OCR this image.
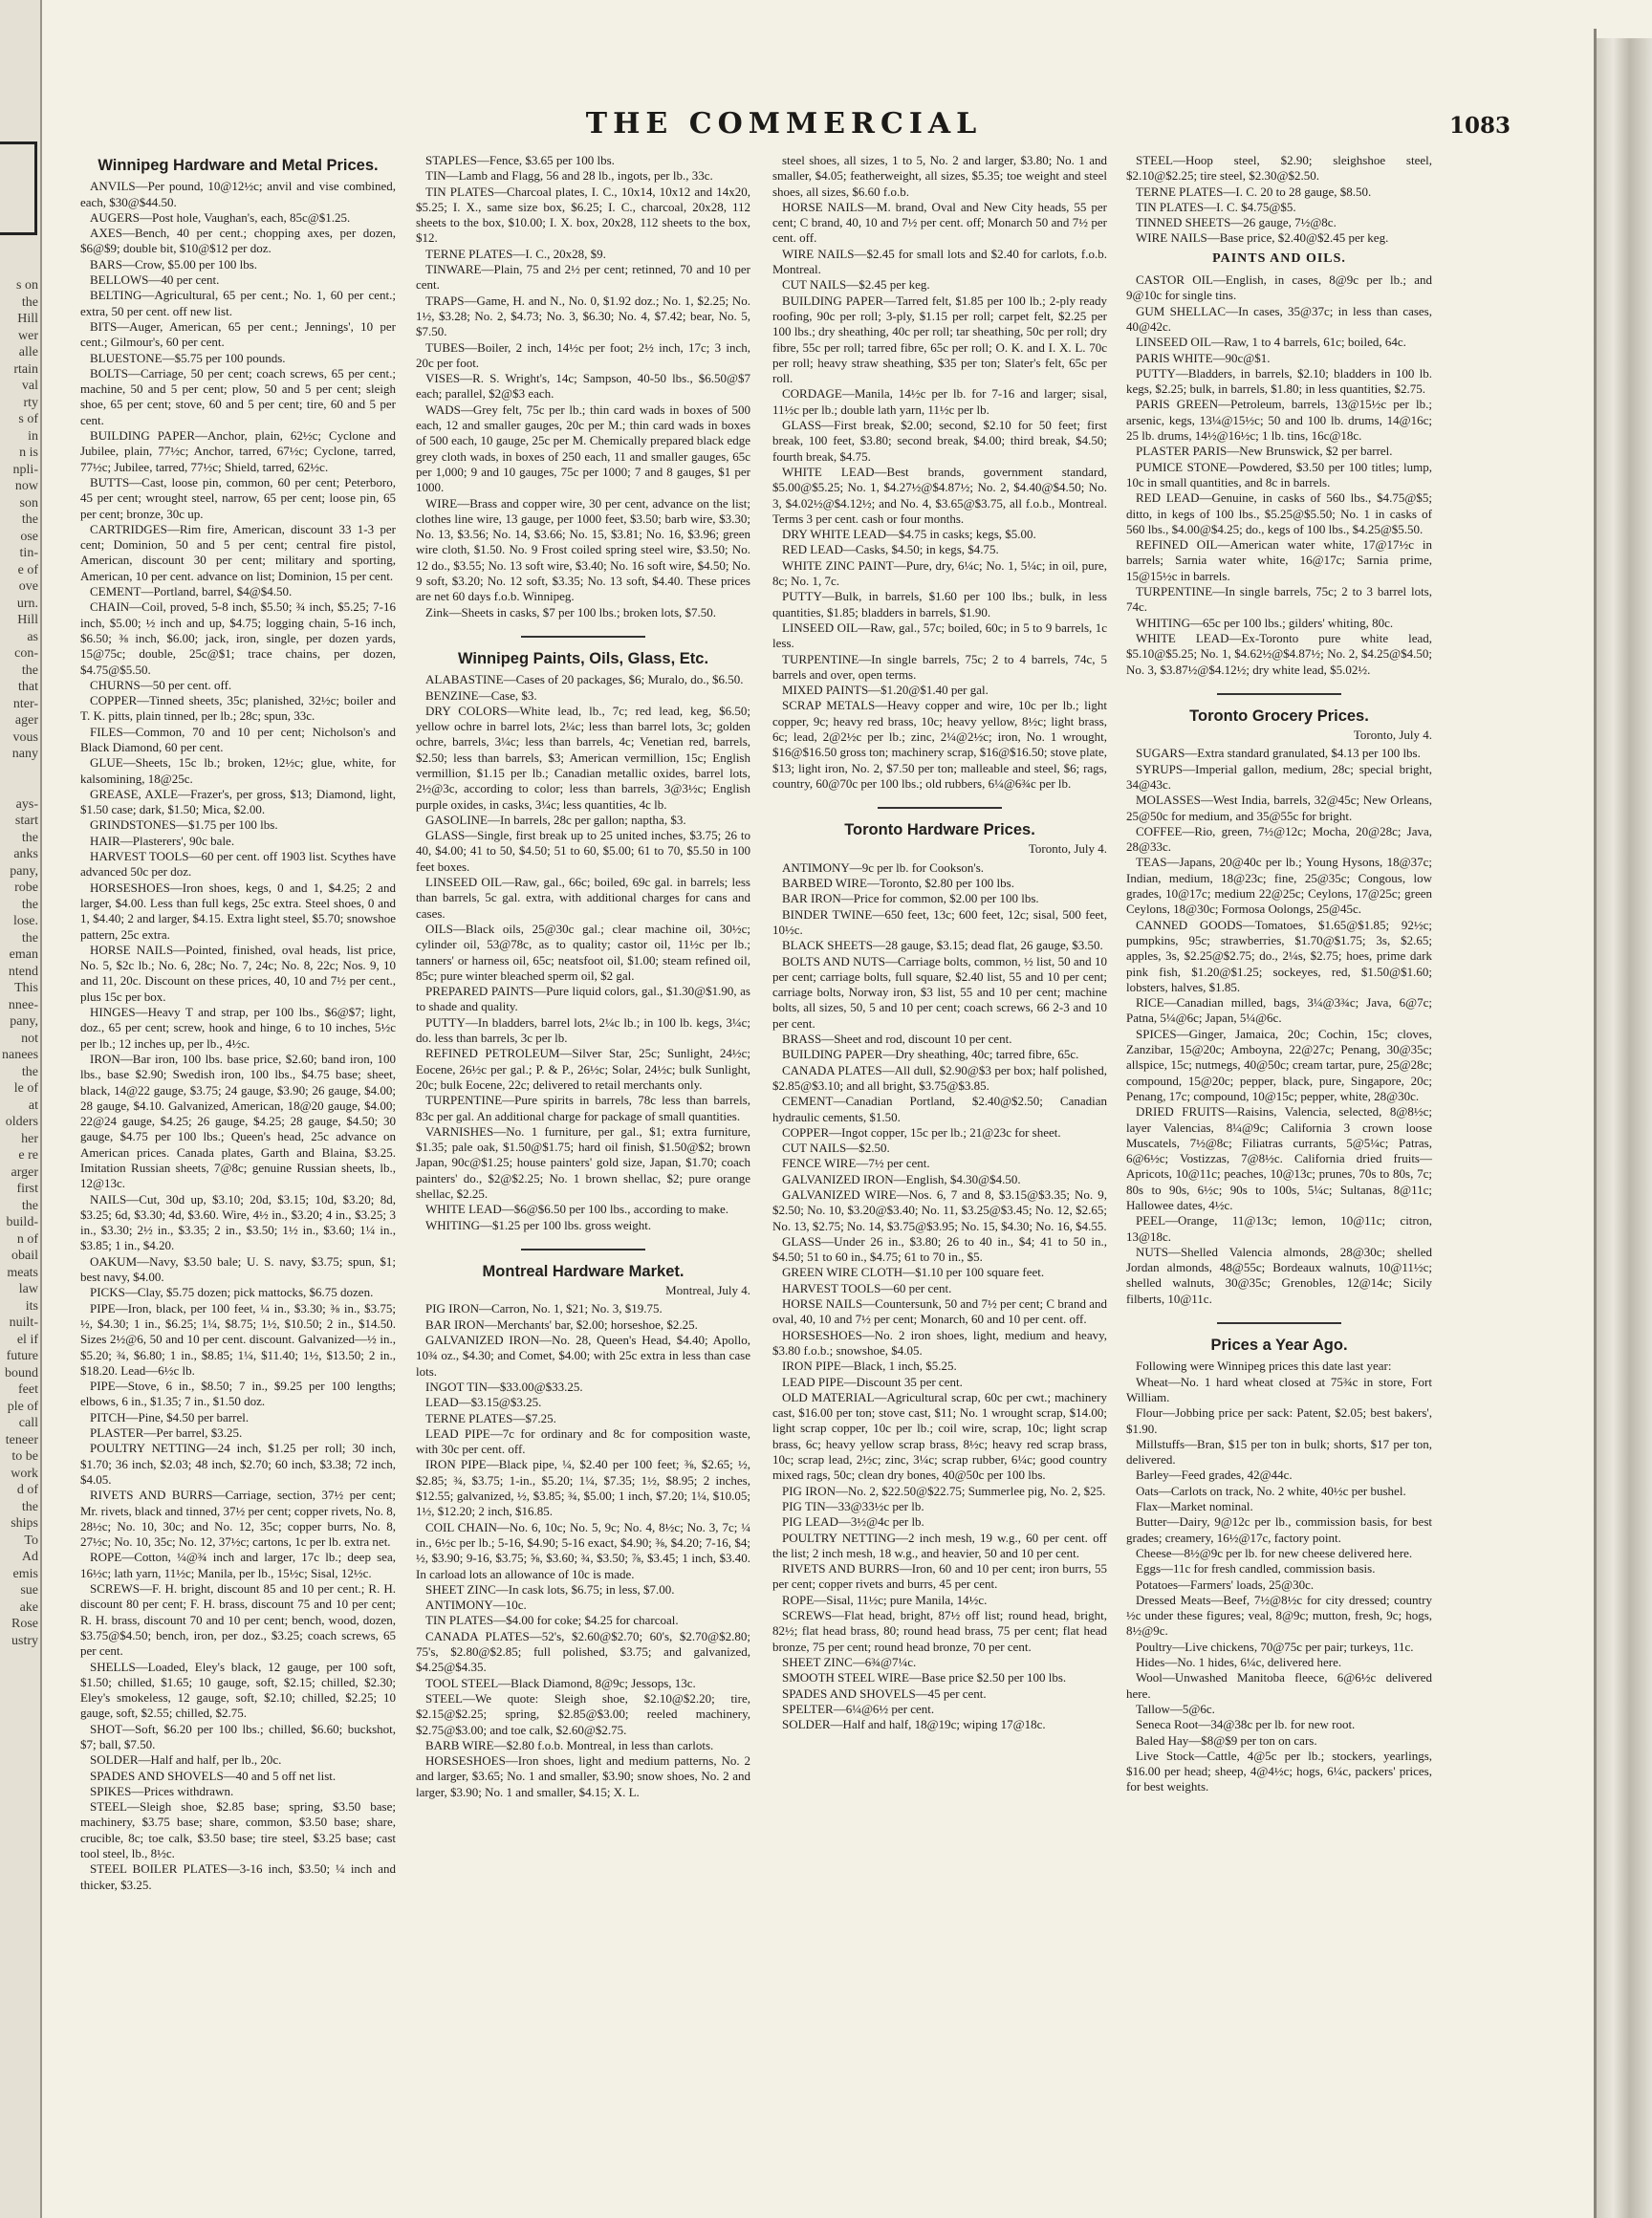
s on
the
Hill
wer
alle
rtain
val
rty
s of
in
n is
npli-
now
son
the
ose
tin-
e of
ove
urn.
Hill
as
con-
the
that
nter-
ager
vous
nany

ays-
start
the
anks
pany,
robe
the
lose.
the
eman
ntend
This
nnee-
pany,
not
nanees
the
le of
at
olders
her
e re
arger
first
the
build-
n of
obail
meats
law
its
nuilt-
el if
future
bound
feet
ple of
call
teneer
to be
work
d of
the
ships
To
Ad
emis
sue
ake
Rose
ustry
THE COMMERCIAL	1083
Winnipeg Hardware and Metal Prices.

ANVILS—Per pound, 10@12½c; anvil and vise combined, each, $30@$44.50.

AUGERS—Post hole, Vaughan's, each, 85c@$1.25.

AXES—Bench, 40 per cent.; chopping axes, per dozen, $6@$9; double bit, $10@$12 per doz.

BARS—Crow, $5.00 per 100 lbs.

BELLOWS—40 per cent.

BELTING—Agricultural, 65 per cent.; No. 1, 60 per cent.; extra, 50 per cent. off new list.

BITS—Auger, American, 65 per cent.; Jennings', 10 per cent.; Gilmour's, 60 per cent.

BLUESTONE—$5.75 per 100 pounds.

BOLTS—Carriage, 50 per cent; coach screws, 65 per cent.; machine, 50 and 5 per cent; plow, 50 and 5 per cent; sleigh shoe, 65 per cent; stove, 60 and 5 per cent; tire, 60 and 5 per cent.

BUILDING PAPER—Anchor, plain, 62½c; Cyclone and Jubilee, plain, 77½c; Anchor, tarred, 67½c; Cyclone, tarred, 77½c; Jubilee, tarred, 77½c; Shield, tarred, 62½c.

BUTTS—Cast, loose pin, common, 60 per cent; Peterboro, 45 per cent; wrought steel, narrow, 65 per cent; loose pin, 65 per cent; bronze, 30c up.

CARTRIDGES—Rim fire, American, discount 33 1-3 per cent; Dominion, 50 and 5 per cent; central fire pistol, American, discount 30 per cent; military and sporting, American, 10 per cent. advance on list; Dominion, 15 per cent.

CEMENT—Portland, barrel, $4@$4.50.

CHAIN—Coil, proved, 5-8 inch, $5.50; ¾ inch, $5.25; 7-16 inch, $5.00; ½ inch and up, $4.75; logging chain, 5-16 inch, $6.50; ⅜ inch, $6.00; jack, iron, single, per dozen yards, 15@75c; double, 25c@$1; trace chains, per dozen, $4.75@$5.50.

CHURNS—50 per cent. off.

COPPER—Tinned sheets, 35c; planished, 32½c; boiler and T. K. pitts, plain tinned, per lb.; 28c; spun, 33c.

FILES—Common, 70 and 10 per cent; Nicholson's and Black Diamond, 60 per cent.

GLUE—Sheets, 15c lb.; broken, 12½c; glue, white, for kalsomining, 18@25c.

GREASE, AXLE—Frazer's, per gross, $13; Diamond, light, $1.50 case; dark, $1.50; Mica, $2.00.

GRINDSTONES—$1.75 per 100 lbs.

HAIR—Plasterers', 90c bale.

HARVEST TOOLS—60 per cent. off 1903 list. Scythes have advanced 50c per doz.

HORSESHOES—Iron shoes, kegs, 0 and 1, $4.25; 2 and larger, $4.00. Less than full kegs, 25c extra. Steel shoes, 0 and 1, $4.40; 2 and larger, $4.15. Extra light steel, $5.70; snowshoe pattern, 25c extra.

HORSE NAILS—Pointed, finished, oval heads, list price, No. 5, $2c lb.; No. 6, 28c; No. 7, 24c; No. 8, 22c; Nos. 9, 10 and 11, 20c. Discount on these prices, 40, 10 and 7½ per cent., plus 15c per box.

HINGES—Heavy T and strap, per 100 lbs., $6@$7; light, doz., 65 per cent; screw, hook and hinge, 6 to 10 inches, 5½c per lb.; 12 inches up, per lb., 4½c.

IRON—Bar iron, 100 lbs. base price, $2.60; band iron, 100 lbs., base $2.90; Swedish iron, 100 lbs., $4.75 base; sheet, black, 14@22 gauge, $3.75; 24 gauge, $3.90; 26 gauge, $4.00; 28 gauge, $4.10. Galvanized, American, 18@20 gauge, $4.00; 22@24 gauge, $4.25; 26 gauge, $4.25; 28 gauge, $4.50; 30 gauge, $4.75 per 100 lbs.; Queen's head, 25c advance on American prices. Canada plates, Garth and Blaina, $3.25. Imitation Russian sheets, 7@8c; genuine Russian sheets, lb., 12@13c.

NAILS—Cut, 30d up, $3.10; 20d, $3.15; 10d, $3.20; 8d, $3.25; 6d, $3.30; 4d, $3.60. Wire, 4½ in., $3.20; 4 in., $3.25; 3 in., $3.30; 2½ in., $3.35; 2 in., $3.50; 1½ in., $3.60; 1¼ in., $3.85; 1 in., $4.20.

OAKUM—Navy, $3.50 bale; U. S. navy, $3.75; spun, $1; best navy, $4.00.

PICKS—Clay, $5.75 dozen; pick mattocks, $6.75 dozen.

PIPE—Iron, black, per 100 feet, ¼ in., $3.30; ⅜ in., $3.75; ½, $4.30; 1 in., $6.25; 1¼, $8.75; 1½, $10.50; 2 in., $14.50. Sizes 2½@6, 50 and 10 per cent. discount. Galvanized—½ in., $5.20; ¾, $6.80; 1 in., $8.85; 1¼, $11.40; 1½, $13.50; 2 in., $18.20. Lead—6½c lb.

PIPE—Stove, 6 in., $8.50; 7 in., $9.25 per 100 lengths; elbows, 6 in., $1.35; 7 in., $1.50 doz.

PITCH—Pine, $4.50 per barrel.

PLASTER—Per barrel, $3.25.

POULTRY NETTING—24 inch, $1.25 per roll; 30 inch, $1.70; 36 inch, $2.03; 48 inch, $2.70; 60 inch, $3.38; 72 inch, $4.05.

RIVETS AND BURRS—Carriage, section, 37½ per cent; Mr. rivets, black and tinned, 37½ per cent; copper rivets, No. 8, 28½c; No. 10, 30c; and No. 12, 35c; copper burrs, No. 8, 27½c; No. 10, 35c; No. 12, 37½c; cartons, 1c per lb. extra net.

ROPE—Cotton, ¼@¾ inch and larger, 17c lb.; deep sea, 16½c; lath yarn, 11½c; Manila, per lb., 15½c; Sisal, 12½c.

SCREWS—F. H. bright, discount 85 and 10 per cent.; R. H. discount 80 per cent; F. H. brass, discount 75 and 10 per cent; R. H. brass, discount 70 and 10 per cent; bench, wood, dozen, $3.75@$4.50; bench, iron, per doz., $3.25; coach screws, 65 per cent.

SHELLS—Loaded, Eley's black, 12 gauge, per 100 soft, $1.50; chilled, $1.65; 10 gauge, soft, $2.15; chilled, $2.30; Eley's smokeless, 12 gauge, soft, $2.10; chilled, $2.25; 10 gauge, soft, $2.55; chilled, $2.75.

SHOT—Soft, $6.20 per 100 lbs.; chilled, $6.60; buckshot, $7; ball, $7.50.

SOLDER—Half and half, per lb., 20c.

SPADES AND SHOVELS—40 and 5 off net list.

SPIKES—Prices withdrawn.

STEEL—Sleigh shoe, $2.85 base; spring, $3.50 base; machinery, $3.75 base; share, common, $3.50 base; share, crucible, 8c; toe calk, $3.50 base; tire steel, $3.25 base; cast tool steel, lb., 8½c.

STEEL BOILER PLATES—3-16 inch, $3.50; ¼ inch and thicker, $3.25.

STAPLES—Fence, $3.65 per 100 lbs.

TIN—Lamb and Flagg, 56 and 28 lb., ingots, per lb., 33c.

TIN PLATES—Charcoal plates, I. C., 10x14, 10x12 and 14x20, $5.25; I. X., same size box, $6.25; I. C., charcoal, 20x28, 112 sheets to the box, $10.00; I. X. box, 20x28, 112 sheets to the box, $12.

TERNE PLATES—I. C., 20x28, $9.

TINWARE—Plain, 75 and 2½ per cent; retinned, 70 and 10 per cent.

TRAPS—Game, H. and N., No. 0, $1.92 doz.; No. 1, $2.25; No. 1½, $3.28; No. 2, $4.73; No. 3, $6.30; No. 4, $7.42; bear, No. 5, $7.50.

TUBES—Boiler, 2 inch, 14½c per foot; 2½ inch, 17c; 3 inch, 20c per foot.

VISES—R. S. Wright's, 14c; Sampson, 40-50 lbs., $6.50@$7 each; parallel, $2@$3 each.

WADS—Grey felt, 75c per lb.; thin card wads in boxes of 500 each, 12 and smaller gauges, 20c per M.; thin card wads in boxes of 500 each, 10 gauge, 25c per M. Chemically prepared black edge grey cloth wads, in boxes of 250 each, 11 and smaller gauges, 65c per 1,000; 9 and 10 gauges, 75c per 1000; 7 and 8 gauges, $1 per 1000.

WIRE—Brass and copper wire, 30 per cent, advance on the list; clothes line wire, 13 gauge, per 1000 feet, $3.50; barb wire, $3.30; No. 13, $3.56; No. 14, $3.66; No. 15, $3.81; No. 16, $3.96; green wire cloth, $1.50. No. 9 Frost coiled spring steel wire, $3.50; No. 12 do., $3.55; No. 13 soft wire, $3.40; No. 16 soft wire, $4.50; No. 9 soft, $3.20; No. 12 soft, $3.35; No. 13 soft, $4.40. These prices are net 60 days f.o.b. Winnipeg.

Zink—Sheets in casks, $7 per 100 lbs.; broken lots, $7.50.

Winnipeg Paints, Oils, Glass, Etc.

ALABASTINE—Cases of 20 packages, $6; Muralo, do., $6.50.

BENZINE—Case, $3.

DRY COLORS—White lead, lb., 7c; red lead, keg, $6.50; yellow ochre in barrel lots, 2¼c; less than barrel lots, 3c; golden ochre, barrels, 3¼c; less than barrels, 4c; Venetian red, barrels, $2.50; less than barrels, $3; American vermillion, 15c; English vermillion, $1.15 per lb.; Canadian metallic oxides, barrel lots, 2½@3c, according to color; less than barrels, 3@3½c; English purple oxides, in casks, 3¼c; less quantities, 4c lb.

GASOLINE—In barrels, 28c per gallon; naptha, $3.

GLASS—Single, first break up to 25 united inches, $3.75; 26 to 40, $4.00; 41 to 50, $4.50; 51 to 60, $5.00; 61 to 70, $5.50 in 100 feet boxes.

LINSEED OIL—Raw, gal., 66c; boiled, 69c gal. in barrels; less than barrels, 5c gal. extra, with additional charges for cans and cases.

OILS—Black oils, 25@30c gal.; clear machine oil, 30½c; cylinder oil, 53@78c, as to quality; castor oil, 11½c per lb.; tanners' or harness oil, 65c; neatsfoot oil, $1.00; steam refined oil, 85c; pure winter bleached sperm oil, $2 gal.

PREPARED PAINTS—Pure liquid colors, gal., $1.30@$1.90, as to shade and quality.

PUTTY—In bladders, barrel lots, 2¼c lb.; in 100 lb. kegs, 3¼c; do. less than barrels, 3c per lb.

REFINED PETROLEUM—Silver Star, 25c; Sunlight, 24½c; Eocene, 26½c per gal.; P. & P., 26½c; Solar, 24½c; bulk Sunlight, 20c; bulk Eocene, 22c; delivered to retail merchants only.

TURPENTINE—Pure spirits in barrels, 78c less than barrels, 83c per gal. An additional charge for package of small quantities.

VARNISHES—No. 1 furniture, per gal., $1; extra furniture, $1.35; pale oak, $1.50@$1.75; hard oil finish, $1.50@$2; brown Japan, 90c@$1.25; house painters' gold size, Japan, $1.70; coach painters' do., $2@$2.25; No. 1 brown shellac, $2; pure orange shellac, $2.25.

WHITE LEAD—$6@$6.50 per 100 lbs., according to make.

WHITING—$1.25 per 100 lbs. gross weight.

Montreal Hardware Market.
Montreal, July 4.

PIG IRON—Carron, No. 1, $21; No. 3, $19.75.

BAR IRON—Merchants' bar, $2.00; horseshoe, $2.25.

GALVANIZED IRON—No. 28, Queen's Head, $4.40; Apollo, 10¾ oz., $4.30; and Comet, $4.00; with 25c extra in less than case lots.

INGOT TIN—$33.00@$33.25.

LEAD—$3.15@$3.25.

TERNE PLATES—$7.25.

LEAD PIPE—7c for ordinary and 8c for composition waste, with 30c per cent. off.

IRON PIPE—Black pipe, ¼, $2.40 per 100 feet; ⅜, $2.65; ½, $2.85; ¾, $3.75; 1-in., $5.20; 1¼, $7.35; 1½, $8.95; 2 inches, $12.55; galvanized, ½, $3.85; ¾, $5.00; 1 inch, $7.20; 1¼, $10.05; 1½, $12.20; 2 inch, $16.85.

COIL CHAIN—No. 6, 10c; No. 5, 9c; No. 4, 8½c; No. 3, 7c; ¼ in., 6½c per lb.; 5-16, $4.90; 5-16 exact, $4.90; ⅜, $4.20; 7-16, $4; ½, $3.90; 9-16, $3.75; ⅝, $3.60; ¾, $3.50; ⅞, $3.45; 1 inch, $3.40. In carload lots an allowance of 10c is made.

SHEET ZINC—In cask lots, $6.75; in less, $7.00.

ANTIMONY—10c.

TIN PLATES—$4.00 for coke; $4.25 for charcoal.

CANADA PLATES—52's, $2.60@$2.70; 60's, $2.70@$2.80; 75's, $2.80@$2.85; full polished, $3.75; and galvanized, $4.25@$4.35.

TOOL STEEL—Black Diamond, 8@9c; Jessops, 13c.

STEEL—We quote: Sleigh shoe, $2.10@$2.20; tire, $2.15@$2.25; spring, $2.85@$3.00; reeled machinery, $2.75@$3.00; and toe calk, $2.60@$2.75.

BARB WIRE—$2.80 f.o.b. Montreal, in less than carlots.

HORSESHOES—Iron shoes, light and medium patterns, No. 2 and larger, $3.65; No. 1 and smaller, $3.90; snow shoes, No. 2 and larger, $3.90; No. 1 and smaller, $4.15; X. L.

steel shoes, all sizes, 1 to 5, No. 2 and larger, $3.80; No. 1 and smaller, $4.05; featherweight, all sizes, $5.35; toe weight and steel shoes, all sizes, $6.60 f.o.b.

HORSE NAILS—M. brand, Oval and New City heads, 55 per cent; C brand, 40, 10 and 7½ per cent. off; Monarch 50 and 7½ per cent. off.

WIRE NAILS—$2.45 for small lots and $2.40 for carlots, f.o.b. Montreal.

CUT NAILS—$2.45 per keg.

BUILDING PAPER—Tarred felt, $1.85 per 100 lb.; 2-ply ready roofing, 90c per roll; 3-ply, $1.15 per roll; carpet felt, $2.25 per 100 lbs.; dry sheathing, 40c per roll; tar sheathing, 50c per roll; dry fibre, 55c per roll; tarred fibre, 65c per roll; O. K. and I. X. L. 70c per roll; heavy straw sheathing, $35 per ton; Slater's felt, 65c per roll.

CORDAGE—Manila, 14½c per lb. for 7-16 and larger; sisal, 11½c per lb.; double lath yarn, 11½c per lb.

GLASS—First break, $2.00; second, $2.10 for 50 feet; first break, 100 feet, $3.80; second break, $4.00; third break, $4.50; fourth break, $4.75.

WHITE LEAD—Best brands, government standard, $5.00@$5.25; No. 1, $4.27½@$4.87½; No. 2, $4.40@$4.50; No. 3, $4.02½@$4.12½; and No. 4, $3.65@$3.75, all f.o.b., Montreal. Terms 3 per cent. cash or four months.

DRY WHITE LEAD—$4.75 in casks; kegs, $5.00.

RED LEAD—Casks, $4.50; in kegs, $4.75.

WHITE ZINC PAINT—Pure, dry, 6¼c; No. 1, 5¼c; in oil, pure, 8c; No. 1, 7c.

PUTTY—Bulk, in barrels, $1.60 per 100 lbs.; bulk, in less quantities, $1.85; bladders in barrels, $1.90.

LINSEED OIL—Raw, gal., 57c; boiled, 60c; in 5 to 9 barrels, 1c less.

TURPENTINE—In single barrels, 75c; 2 to 4 barrels, 74c, 5 barrels and over, open terms.

MIXED PAINTS—$1.20@$1.40 per gal.

SCRAP METALS—Heavy copper and wire, 10c per lb.; light copper, 9c; heavy red brass, 10c; heavy yellow, 8½c; light brass, 6c; lead, 2@2½c per lb.; zinc, 2¼@2½c; iron, No. 1 wrought, $16@$16.50 gross ton; machinery scrap, $16@$16.50; stove plate, $13; light iron, No. 2, $7.50 per ton; malleable and steel, $6; rags, country, 60@70c per 100 lbs.; old rubbers, 6¼@6¾c per lb.

Toronto Hardware Prices.
Toronto, July 4.

ANTIMONY—9c per lb. for Cookson's.

BARBED WIRE—Toronto, $2.80 per 100 lbs.

BAR IRON—Price for common, $2.00 per 100 lbs.

BINDER TWINE—650 feet, 13c; 600 feet, 12c; sisal, 500 feet, 10½c.

BLACK SHEETS—28 gauge, $3.15; dead flat, 26 gauge, $3.50.

BOLTS AND NUTS—Carriage bolts, common, ½ list, 50 and 10 per cent; carriage bolts, full square, $2.40 list, 55 and 10 per cent; carriage bolts, Norway iron, $3 list, 55 and 10 per cent; machine bolts, all sizes, 50, 5 and 10 per cent; coach screws, 66 2-3 and 10 per cent.

BRASS—Sheet and rod, discount 10 per cent.

BUILDING PAPER—Dry sheathing, 40c; tarred fibre, 65c.

CANADA PLATES—All dull, $2.90@$3 per box; half polished, $2.85@$3.10; and all bright, $3.75@$3.85.

CEMENT—Canadian Portland, $2.40@$2.50; Canadian hydraulic cements, $1.50.

COPPER—Ingot copper, 15c per lb.; 21@23c for sheet.

CUT NAILS—$2.50.

FENCE WIRE—7½ per cent.

GALVANIZED IRON—English, $4.30@$4.50.

GALVANIZED WIRE—Nos. 6, 7 and 8, $3.15@$3.35; No. 9, $2.50; No. 10, $3.20@$3.40; No. 11, $3.25@$3.45; No. 12, $2.65; No. 13, $2.75; No. 14, $3.75@$3.95; No. 15, $4.30; No. 16, $4.55.

GLASS—Under 26 in., $3.80; 26 to 40 in., $4; 41 to 50 in., $4.50; 51 to 60 in., $4.75; 61 to 70 in., $5.

GREEN WIRE CLOTH—$1.10 per 100 square feet.

HARVEST TOOLS—60 per cent.

HORSE NAILS—Countersunk, 50 and 7½ per cent; C brand and oval, 40, 10 and 7½ per cent; Monarch, 60 and 10 per cent. off.

HORSESHOES—No. 2 iron shoes, light, medium and heavy, $3.80 f.o.b.; snowshoe, $4.05.

IRON PIPE—Black, 1 inch, $5.25.

LEAD PIPE—Discount 35 per cent.

OLD MATERIAL—Agricultural scrap, 60c per cwt.; machinery cast, $16.00 per ton; stove cast, $11; No. 1 wrought scrap, $14.00; light scrap copper, 10c per lb.; coil wire, scrap, 10c; light scrap brass, 6c; heavy yellow scrap brass, 8½c; heavy red scrap brass, 10c; scrap lead, 2½c; zinc, 3¼c; scrap rubber, 6¼c; good country mixed rags, 50c; clean dry bones, 40@50c per 100 lbs.

PIG IRON—No. 2, $22.50@$22.75; Summerlee pig, No. 2, $25.

PIG TIN—33@33½c per lb.

PIG LEAD—3½@4c per lb.

POULTRY NETTING—2 inch mesh, 19 w.g., 60 per cent. off the list; 2 inch mesh, 18 w.g., and heavier, 50 and 10 per cent.

RIVETS AND BURRS—Iron, 60 and 10 per cent; iron burrs, 55 per cent; copper rivets and burrs, 45 per cent.

ROPE—Sisal, 11½c; pure Manila, 14½c.

SCREWS—Flat head, bright, 87½ off list; round head, bright, 82½; flat head brass, 80; round head brass, 75 per cent; flat head bronze, 75 per cent; round head bronze, 70 per cent.

SHEET ZINC—6¾@7¼c.

SMOOTH STEEL WIRE—Base price $2.50 per 100 lbs.

SPADES AND SHOVELS—45 per cent.

SPELTER—6¼@6½ per cent.

SOLDER—Half and half, 18@19c; wiping 17@18c.

STEEL—Hoop steel, $2.90; sleighshoe steel, $2.10@$2.25; tire steel, $2.30@$2.50.

TERNE PLATES—I. C. 20 to 28 gauge, $8.50.

TIN PLATES—I. C. $4.75@$5.

TINNED SHEETS—26 gauge, 7½@8c.

WIRE NAILS—Base price, $2.40@$2.45 per keg.

PAINTS AND OILS.

CASTOR OIL—English, in cases, 8@9c per lb.; and 9@10c for single tins.

GUM SHELLAC—In cases, 35@37c; in less than cases, 40@42c.

LINSEED OIL—Raw, 1 to 4 barrels, 61c; boiled, 64c.

PARIS WHITE—90c@$1.

PUTTY—Bladders, in barrels, $2.10; bladders in 100 lb. kegs, $2.25; bulk, in barrels, $1.80; in less quantities, $2.75.

PARIS GREEN—Petroleum, barrels, 13@15½c per lb.; arsenic, kegs, 13¼@15½c; 50 and 100 lb. drums, 14@16c; 25 lb. drums, 14½@16½c; 1 lb. tins, 16c@18c.

PLASTER PARIS—New Brunswick, $2 per barrel.

PUMICE STONE—Powdered, $3.50 per 100 titles; lump, 10c in small quantities, and 8c in barrels.

RED LEAD—Genuine, in casks of 560 lbs., $4.75@$5; ditto, in kegs of 100 lbs., $5.25@$5.50; No. 1 in casks of 560 lbs., $4.00@$4.25; do., kegs of 100 lbs., $4.25@$5.50.

REFINED OIL—American water white, 17@17½c in barrels; Sarnia water white, 16@17c; Sarnia prime, 15@15½c in barrels.

TURPENTINE—In single barrels, 75c; 2 to 3 barrel lots, 74c.

WHITING—65c per 100 lbs.; gilders' whiting, 80c.

WHITE LEAD—Ex-Toronto pure white lead, $5.10@$5.25; No. 1, $4.62½@$4.87½; No. 2, $4.25@$4.50; No. 3, $3.87½@$4.12½; dry white lead, $5.02½.

Toronto Grocery Prices.
Toronto, July 4.

SUGARS—Extra standard granulated, $4.13 per 100 lbs.

SYRUPS—Imperial gallon, medium, 28c; special bright, 34@43c.

MOLASSES—West India, barrels, 32@45c; New Orleans, 25@50c for medium, and 35@55c for bright.

COFFEE—Rio, green, 7½@12c; Mocha, 20@28c; Java, 28@33c.

TEAS—Japans, 20@40c per lb.; Young Hysons, 18@37c; Indian, medium, 18@23c; fine, 25@35c; Congous, low grades, 10@17c; medium 22@25c; Ceylons, 17@25c; green Ceylons, 18@30c; Formosa Oolongs, 25@45c.

CANNED GOODS—Tomatoes, $1.65@$1.85; 92½c; pumpkins, 95c; strawberries, $1.70@$1.75; 3s, $2.65; apples, 3s, $2.25@$2.75; do., 2¼s, $2.75; hoes, prime dark pink fish, $1.20@$1.25; sockeyes, red, $1.50@$1.60; lobsters, halves, $1.85.

RICE—Canadian milled, bags, 3¼@3¾c; Java, 6@7c; Patna, 5¼@6c; Japan, 5¼@6c.

SPICES—Ginger, Jamaica, 20c; Cochin, 15c; cloves, Zanzibar, 15@20c; Amboyna, 22@27c; Penang, 30@35c; allspice, 15c; nutmegs, 40@50c; cream tartar, pure, 25@28c; compound, 15@20c; pepper, black, pure, Singapore, 20c; Penang, 17c; compound, 10@15c; pepper, white, 28@30c.

DRIED FRUITS—Raisins, Valencia, selected, 8@8½c; layer Valencias, 8¼@9c; California 3 crown loose Muscatels, 7½@8c; Filiatras currants, 5@5¼c; Patras, 6@6½c; Vostizzas, 7@8½c. California dried fruits—Apricots, 10@11c; peaches, 10@13c; prunes, 70s to 80s, 7c; 80s to 90s, 6½c; 90s to 100s, 5¼c; Sultanas, 8@11c; Hallowee dates, 4½c.

PEEL—Orange, 11@13c; lemon, 10@11c; citron, 13@18c.

NUTS—Shelled Valencia almonds, 28@30c; shelled Jordan almonds, 48@55c; Bordeaux walnuts, 10@11½c; shelled walnuts, 30@35c; Grenobles, 12@14c; Sicily filberts, 10@11c.

Prices a Year Ago.

Following were Winnipeg prices this date last year:

Wheat—No. 1 hard wheat closed at 75¾c in store, Fort William.

Flour—Jobbing price per sack: Patent, $2.05; best bakers', $1.90.

Millstuffs—Bran, $15 per ton in bulk; shorts, $17 per ton, delivered.

Barley—Feed grades, 42@44c.

Oats—Carlots on track, No. 2 white, 40½c per bushel.

Flax—Market nominal.

Butter—Dairy, 9@12c per lb., commission basis, for best grades; creamery, 16½@17c, factory point.

Cheese—8½@9c per lb. for new cheese delivered here.

Eggs—11c for fresh candled, commission basis.

Potatoes—Farmers' loads, 25@30c.

Dressed Meats—Beef, 7½@8½c for city dressed; country ½c under these figures; veal, 8@9c; mutton, fresh, 9c; hogs, 8½@9c.

Poultry—Live chickens, 70@75c per pair; turkeys, 11c.

Hides—No. 1 hides, 6¼c, delivered here.

Wool—Unwashed Manitoba fleece, 6@6½c delivered here.

Tallow—5@6c.

Seneca Root—34@38c per lb. for new root.

Baled Hay—$8@$9 per ton on cars.

Live Stock—Cattle, 4@5c per lb.; stockers, yearlings, $16.00 per head; sheep, 4@4½c; hogs, 6¼c, packers' prices, for best weights.
